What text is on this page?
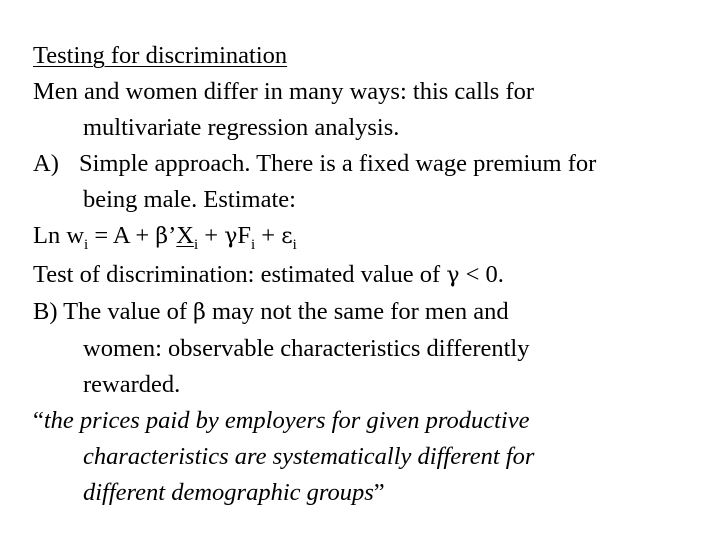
Testing for discrimination
Men and women differ in many ways: this calls for
multivariate regression analysis.
A) Simple approach. There is a fixed wage premium for
being male. Estimate:
Ln $w_i = A$ + $\beta’X_i + \gamma F_i + \varepsilon_i$
Test of discrimination: estimated value of γ < 0.
B) The value of β may not the same for men and
women: observable characteristics differently
rewarded.
“the prices paid by employers for given productive
characteristics are systematically different for
different demographic groups”
